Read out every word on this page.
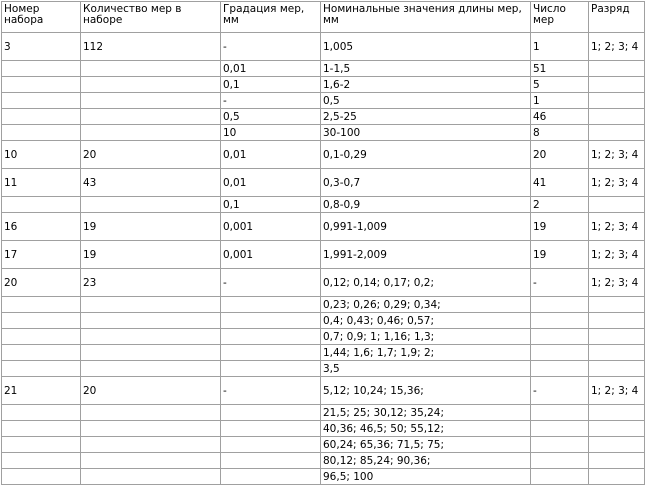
Номер набора	Количество мер в наборе	Градация мер, мм	Номинальные значения длины мер, мм	Число мер	Разряд
3	112	-	1,005	1	1; 2; 3; 4
		0,01	1-1,5	51	
		0,1	1,6-2	5	
		-	0,5	1	
		0,5	2,5-25	46	
		10	30-100	8	
10	20	0,01	0,1-0,29	20	1; 2; 3; 4
11	43	0,01	0,3-0,7	41	1; 2; 3; 4
		0,1	0,8-0,9	2	
16	19	0,001	0,991-1,009	19	1; 2; 3; 4
17	19	0,001	1,991-2,009	19	1; 2; 3; 4
20	23	-	0,12; 0,14; 0,17; 0,2;	-	1; 2; 3; 4
			0,23; 0,26; 0,29; 0,34;		
			0,4; 0,43; 0,46; 0,57;		
			0,7; 0,9; 1; 1,16; 1,3;		
			1,44; 1,6; 1,7; 1,9; 2;		
			3,5		
21	20	-	5,12; 10,24; 15,36;	-	1; 2; 3; 4
			21,5; 25; 30,12; 35,24;		
			40,36; 46,5; 50; 55,12;		
			60,24; 65,36; 71,5; 75;		
			80,12; 85,24; 90,36;		
			96,5; 100		
